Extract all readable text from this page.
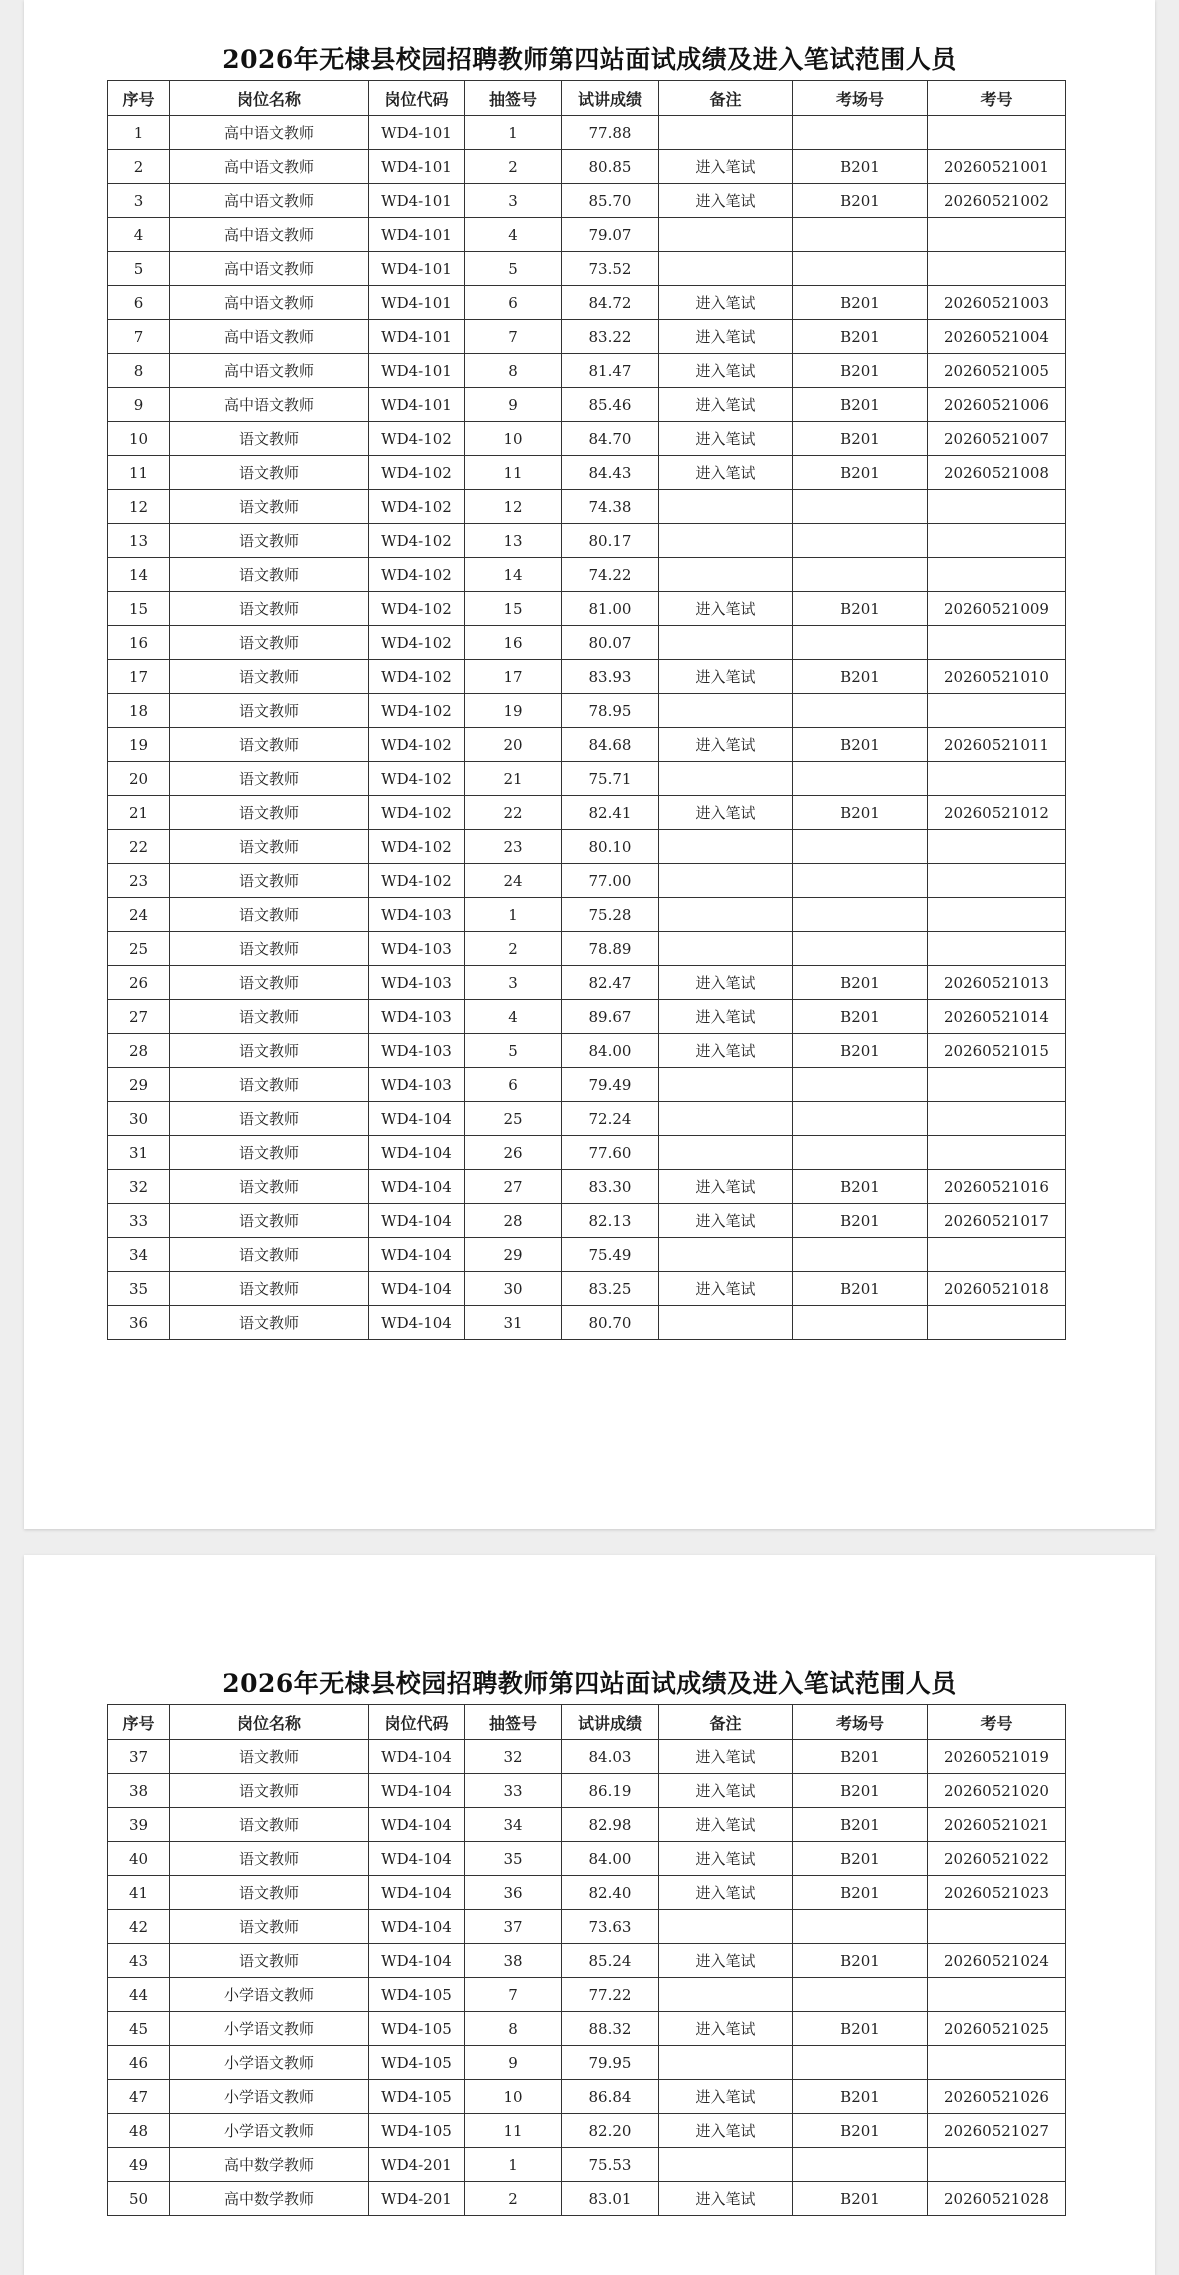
2026年无棣县校园招聘教师第四站面试成绩及进入笔试范围人员
序号	岗位名称	岗位代码	抽签号	试讲成绩	备注	考场号	考号
1	高中语文教师	WD4-101	1	77.88			
2	高中语文教师	WD4-101	2	80.85	进入笔试	B201	20260521001
3	高中语文教师	WD4-101	3	85.70	进入笔试	B201	20260521002
4	高中语文教师	WD4-101	4	79.07			
5	高中语文教师	WD4-101	5	73.52			
6	高中语文教师	WD4-101	6	84.72	进入笔试	B201	20260521003
7	高中语文教师	WD4-101	7	83.22	进入笔试	B201	20260521004
8	高中语文教师	WD4-101	8	81.47	进入笔试	B201	20260521005
9	高中语文教师	WD4-101	9	85.46	进入笔试	B201	20260521006
10	语文教师	WD4-102	10	84.70	进入笔试	B201	20260521007
11	语文教师	WD4-102	11	84.43	进入笔试	B201	20260521008
12	语文教师	WD4-102	12	74.38			
13	语文教师	WD4-102	13	80.17			
14	语文教师	WD4-102	14	74.22			
15	语文教师	WD4-102	15	81.00	进入笔试	B201	20260521009
16	语文教师	WD4-102	16	80.07			
17	语文教师	WD4-102	17	83.93	进入笔试	B201	20260521010
18	语文教师	WD4-102	19	78.95			
19	语文教师	WD4-102	20	84.68	进入笔试	B201	20260521011
20	语文教师	WD4-102	21	75.71			
21	语文教师	WD4-102	22	82.41	进入笔试	B201	20260521012
22	语文教师	WD4-102	23	80.10			
23	语文教师	WD4-102	24	77.00			
24	语文教师	WD4-103	1	75.28			
25	语文教师	WD4-103	2	78.89			
26	语文教师	WD4-103	3	82.47	进入笔试	B201	20260521013
27	语文教师	WD4-103	4	89.67	进入笔试	B201	20260521014
28	语文教师	WD4-103	5	84.00	进入笔试	B201	20260521015
29	语文教师	WD4-103	6	79.49			
30	语文教师	WD4-104	25	72.24			
31	语文教师	WD4-104	26	77.60			
32	语文教师	WD4-104	27	83.30	进入笔试	B201	20260521016
33	语文教师	WD4-104	28	82.13	进入笔试	B201	20260521017
34	语文教师	WD4-104	29	75.49			
35	语文教师	WD4-104	30	83.25	进入笔试	B201	20260521018
36	语文教师	WD4-104	31	80.70			
2026年无棣县校园招聘教师第四站面试成绩及进入笔试范围人员
序号	岗位名称	岗位代码	抽签号	试讲成绩	备注	考场号	考号
37	语文教师	WD4-104	32	84.03	进入笔试	B201	20260521019
38	语文教师	WD4-104	33	86.19	进入笔试	B201	20260521020
39	语文教师	WD4-104	34	82.98	进入笔试	B201	20260521021
40	语文教师	WD4-104	35	84.00	进入笔试	B201	20260521022
41	语文教师	WD4-104	36	82.40	进入笔试	B201	20260521023
42	语文教师	WD4-104	37	73.63			
43	语文教师	WD4-104	38	85.24	进入笔试	B201	20260521024
44	小学语文教师	WD4-105	7	77.22			
45	小学语文教师	WD4-105	8	88.32	进入笔试	B201	20260521025
46	小学语文教师	WD4-105	9	79.95			
47	小学语文教师	WD4-105	10	86.84	进入笔试	B201	20260521026
48	小学语文教师	WD4-105	11	82.20	进入笔试	B201	20260521027
49	高中数学教师	WD4-201	1	75.53			
50	高中数学教师	WD4-201	2	83.01	进入笔试	B201	20260521028
